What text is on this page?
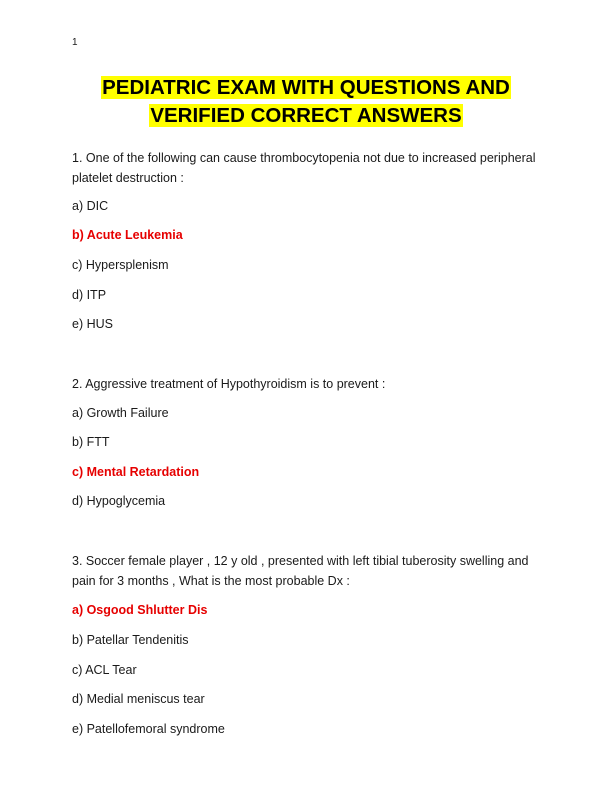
1
PEDIATRIC EXAM WITH QUESTIONS AND
VERIFIED CORRECT ANSWERS
1. One of the following can cause thrombocytopenia not due to increased peripheral platelet destruction :
a) DIC
b) Acute Leukemia
c) Hypersplenism
d) ITP
e) HUS
2. Aggressive treatment of Hypothyroidism is to prevent :
a) Growth Failure
b) FTT
c) Mental Retardation
d) Hypoglycemia
3. Soccer female player , 12 y old , presented with left tibial tuberosity swelling and pain for 3 months , What is the most probable Dx :
a) Osgood Shlutter Dis
b) Patellar Tendenitis
c) ACL Tear
d) Medial meniscus tear
e) Patellofemoral syndrome
